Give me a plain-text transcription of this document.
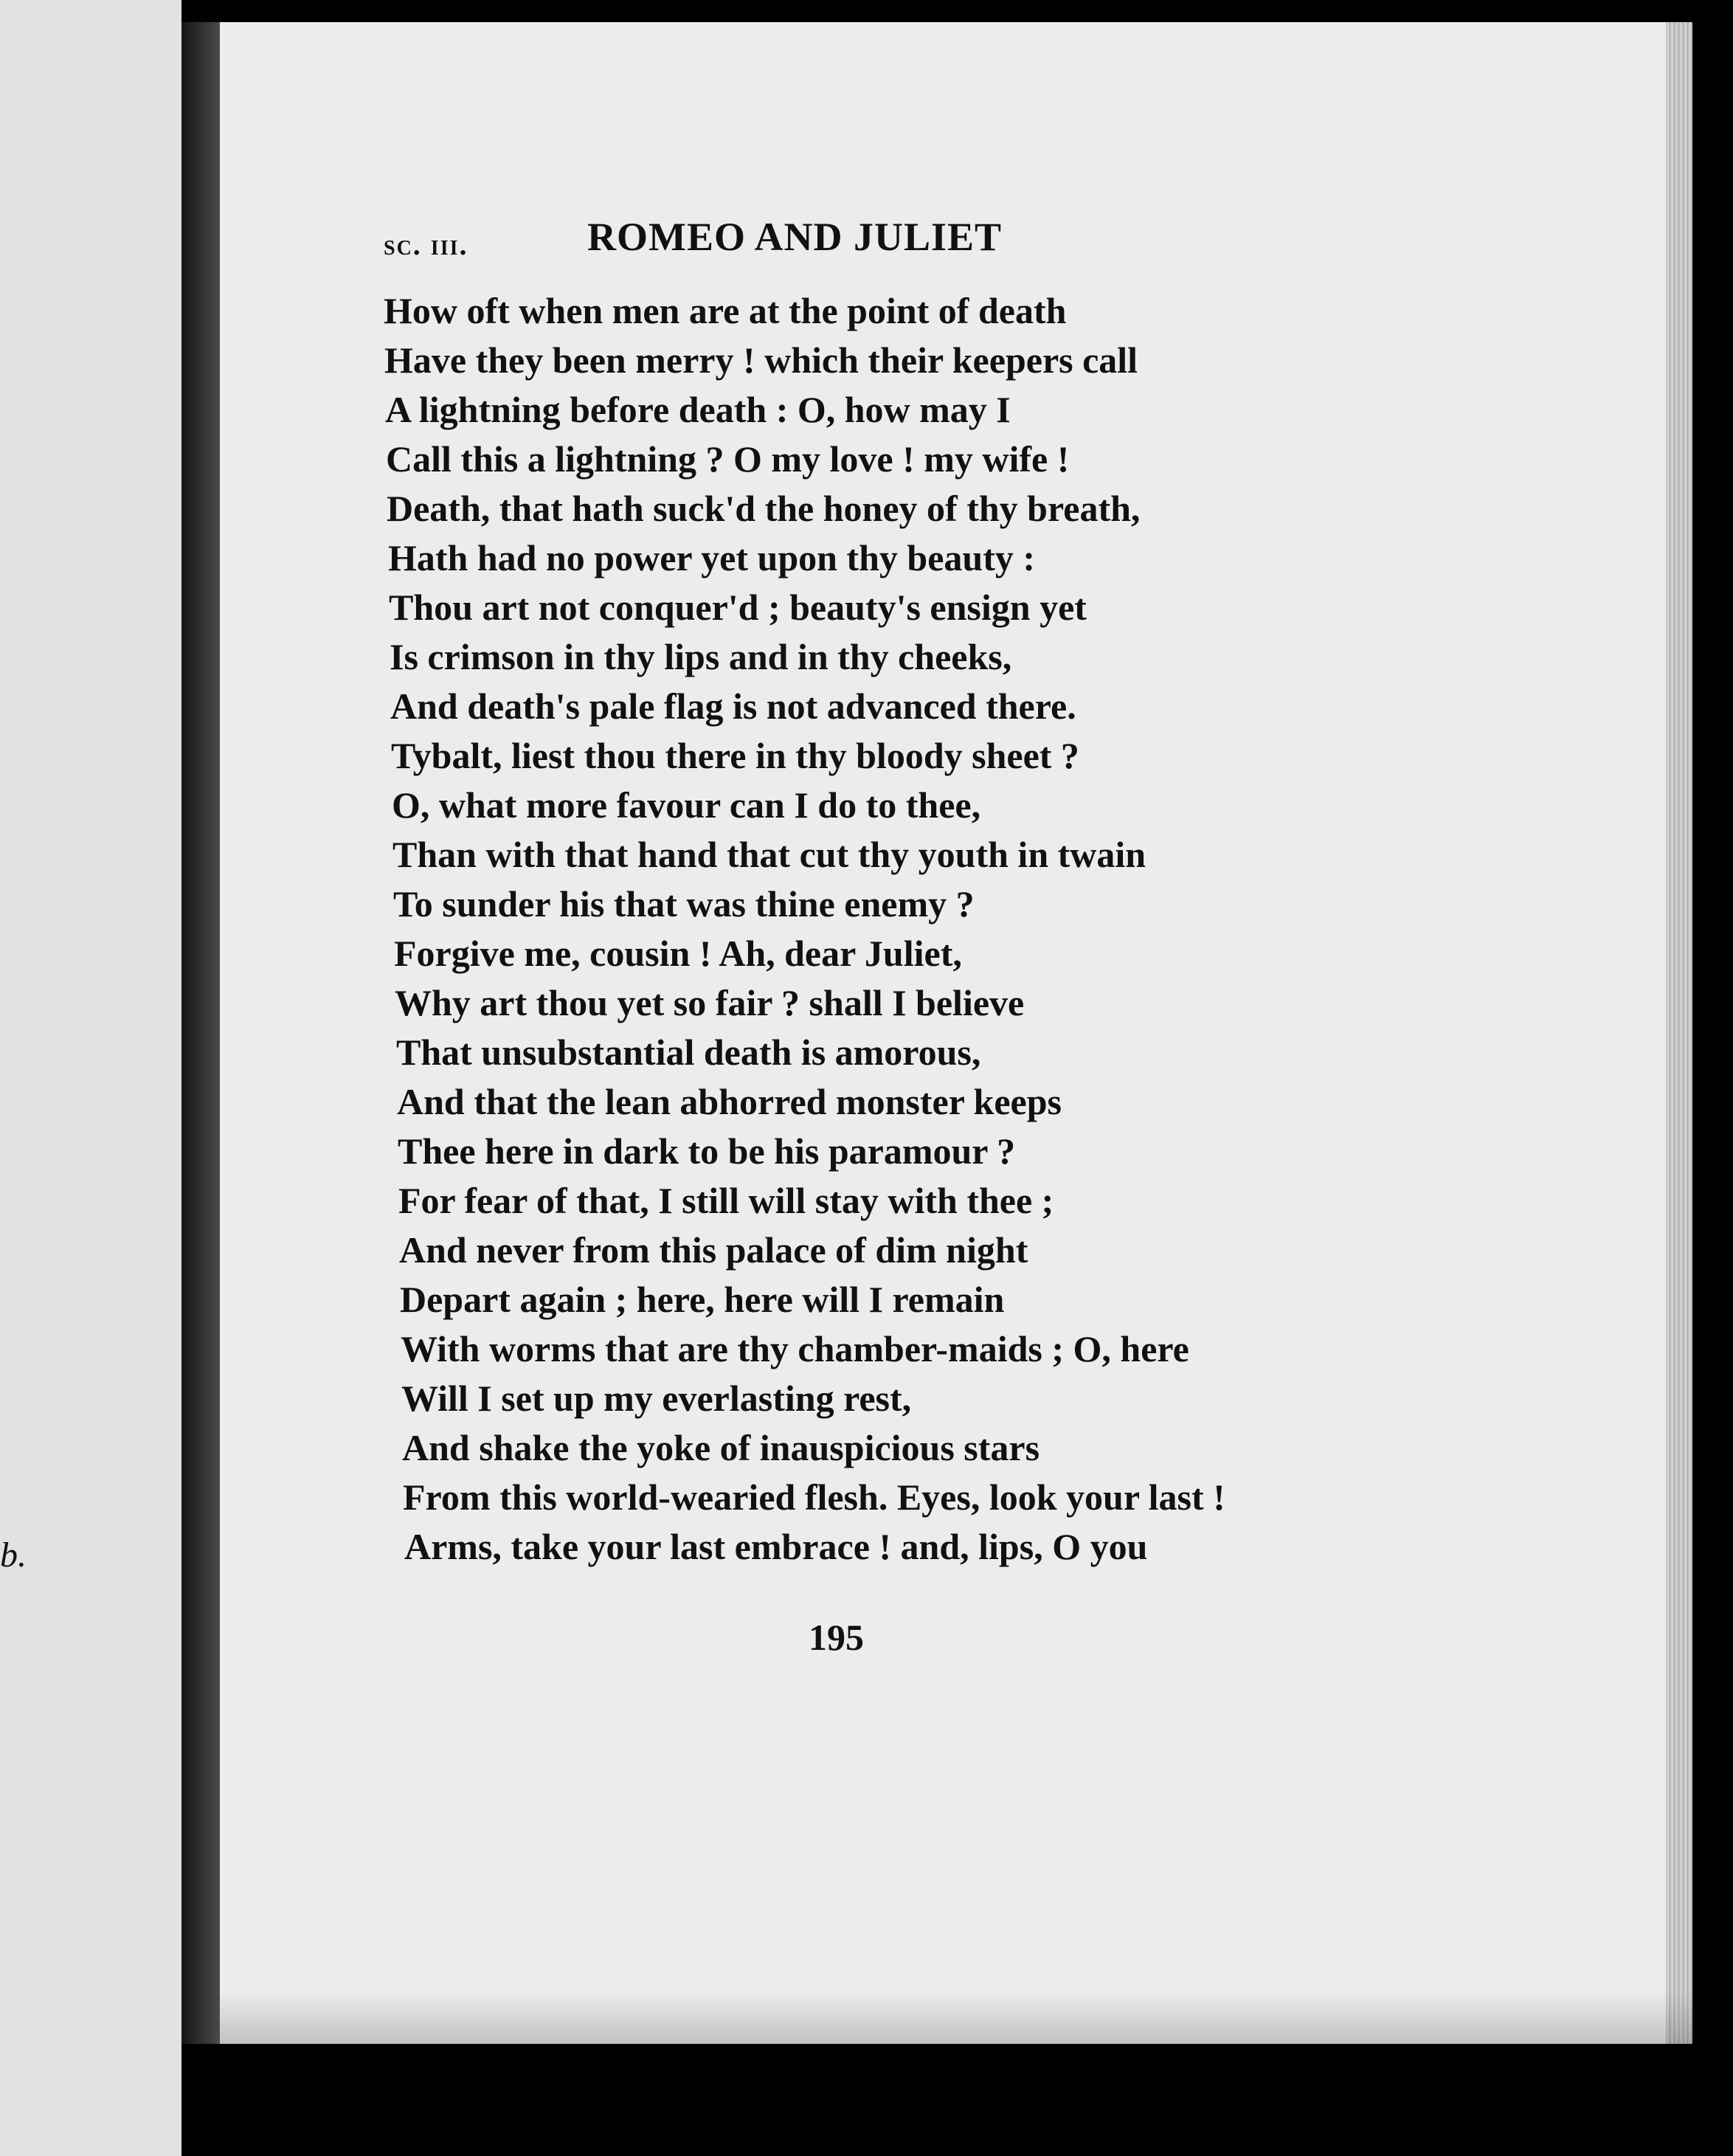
b.
sc. iii.	ROMEO AND JULIET
How oft when men are at the point of death
Have they been merry ! which their keepers call
A lightning before death : O, how may I
Call this a lightning ? O my love ! my wife !
Death, that hath suck'd the honey of thy breath,
Hath had no power yet upon thy beauty :
Thou art not conquer'd ; beauty's ensign yet
Is crimson in thy lips and in thy cheeks,
And death's pale flag is not advanced there.
Tybalt, liest thou there in thy bloody sheet ?
O, what more favour can I do to thee,
Than with that hand that cut thy youth in twain
To sunder his that was thine enemy ?
Forgive me, cousin ! Ah, dear Juliet,
Why art thou yet so fair ? shall I believe
That unsubstantial death is amorous,
And that the lean abhorred monster keeps
Thee here in dark to be his paramour ?
For fear of that, I still will stay with thee ;
And never from this palace of dim night
Depart again ; here, here will I remain
With worms that are thy chamber-maids ; O, here
Will I set up my everlasting rest,
And shake the yoke of inauspicious stars
From this world-wearied flesh. Eyes, look your last !
Arms, take your last embrace ! and, lips, O you
195
